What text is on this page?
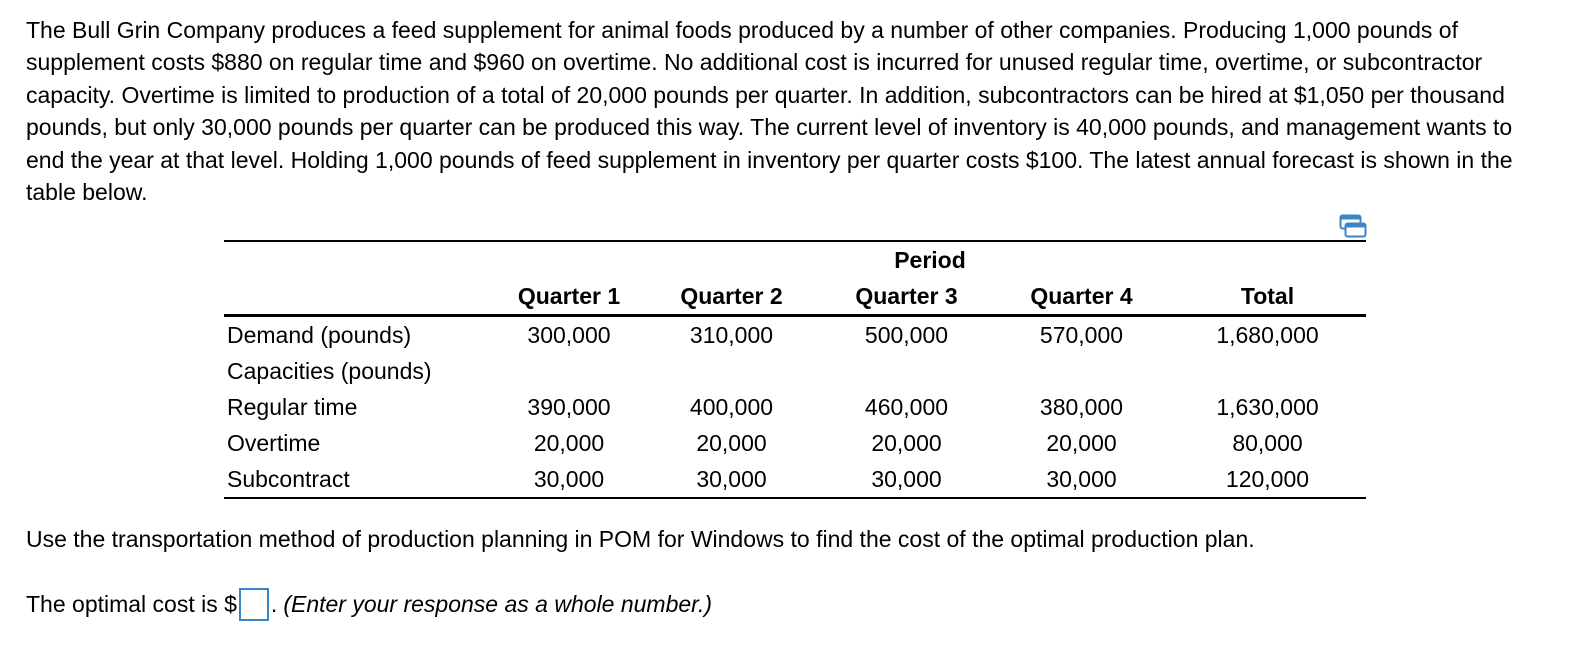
The Bull Grin Company produces a feed supplement for animal foods produced by a number of other companies. Producing 1,000 pounds of supplement costs $880 on regular time and $960 on overtime. No additional cost is incurred for unused regular time, overtime, or subcontractor capacity. Overtime is limited to production of a total of 20,000 pounds per quarter. In addition, subcontractors can be hired at $1,050 per thousand pounds, but only 30,000 pounds per quarter can be produced this way. The current level of inventory is 40,000 pounds, and management wants to end the year at that level. Holding 1,000 pounds of feed supplement in inventory per quarter costs $100. The latest annual forecast is shown in the table below.

	Period				
	Quarter 1	Quarter 2	Quarter 3	Quarter 4	Total
Demand (pounds)	300,000	310,000	500,000	570,000	1,680,000
Capacities (pounds)					
Regular time	390,000	400,000	460,000	380,000	1,630,000
Overtime	20,000	20,000	20,000	20,000	80,000
Subcontract	30,000	30,000	30,000	30,000	120,000

Use the transportation method of production planning in POM for Windows to find the cost of the optimal production plan.

The optimal cost is $ . (Enter your response as a whole number.)
